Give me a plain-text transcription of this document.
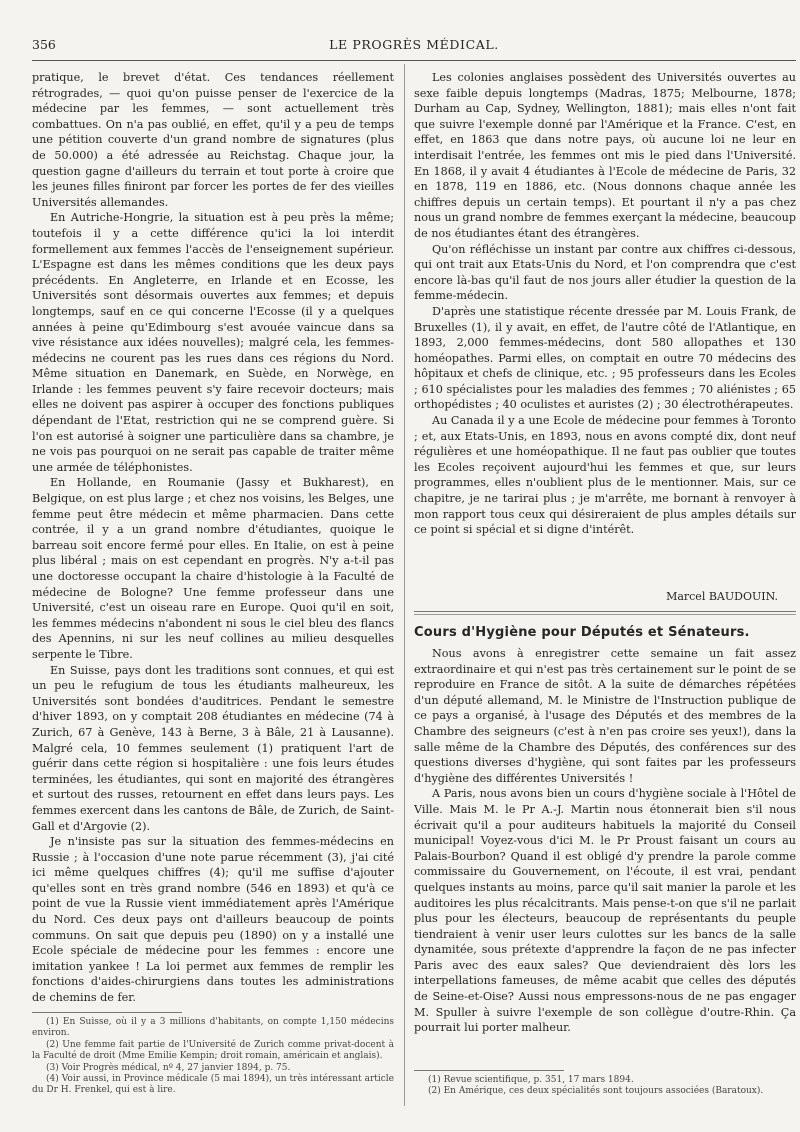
356	LE PROGRÈS MÉDICAL.

pratique, le brevet d'état. Ces tendances réellement rétrogrades, — quoi qu'on puisse penser de l'exercice de la médecine par les femmes, — sont actuellement très combattues. On n'a pas oublié, en effet, qu'il y a peu de temps une pétition couverte d'un grand nombre de signatures (plus de 50.000) a été adressée au Reichstag. Chaque jour, la question gagne d'ailleurs du terrain et tout porte à croire que les jeunes filles finiront par forcer les portes de fer des vieilles Universités allemandes.

En Autriche-Hongrie, la situation est à peu près la même; toutefois il y a cette différence qu'ici la loi interdit formellement aux femmes l'accès de l'enseignement supérieur. L'Espagne est dans les mêmes conditions que les deux pays précédents. En Angleterre, en Irlande et en Ecosse, les Universités sont désormais ouvertes aux femmes; et depuis longtemps, sauf en ce qui concerne l'Ecosse (il y a quelques années à peine qu'Edimbourg s'est avouée vaincue dans sa vive résistance aux idées nouvelles); malgré cela, les femmes-médecins ne courent pas les rues dans ces régions du Nord. Même situation en Danemark, en Suède, en Norwège, en Irlande : les femmes peuvent s'y faire recevoir docteurs; mais elles ne doivent pas aspirer à occuper des fonctions publiques dépendant de l'Etat, restriction qui ne se comprend guère. Si l'on est autorisé à soigner une particulière dans sa chambre, je ne vois pas pourquoi on ne serait pas capable de traiter même une armée de téléphonistes.

En Hollande, en Roumanie (Jassy et Bukharest), en Belgique, on est plus large ; et chez nos voisins, les Belges, une femme peut être médecin et même pharmacien. Dans cette contrée, il y a un grand nombre d'étudiantes, quoique le barreau soit encore fermé pour elles. En Italie, on est à peine plus libéral ; mais on est cependant en progrès. N'y a-t-il pas une doctoresse occupant la chaire d'histologie à la Faculté de médecine de Bologne? Une femme professeur dans une Université, c'est un oiseau rare en Europe. Quoi qu'il en soit, les femmes médecins n'abondent ni sous le ciel bleu des flancs des Apennins, ni sur les neuf collines au milieu desquelles serpente le Tibre.

En Suisse, pays dont les traditions sont connues, et qui est un peu le refugium de tous les étudiants malheureux, les Universités sont bondées d'auditrices. Pendant le semestre d'hiver 1893, on y comptait 208 étudiantes en médecine (74 à Zurich, 67 à Genève, 143 à Berne, 3 à Bâle, 21 à Lausanne). Malgré cela, 10 femmes seulement (1) pratiquent l'art de guérir dans cette région si hospitalière : une fois leurs études terminées, les étudiantes, qui sont en majorité des étrangères et surtout des russes, retournent en effet dans leurs pays. Les femmes exercent dans les cantons de Bâle, de Zurich, de Saint-Gall et d'Argovie (2).

Je n'insiste pas sur la situation des femmes-médecins en Russie ; à l'occasion d'une note parue récemment (3), j'ai cité ici même quelques chiffres (4); qu'il me suffise d'ajouter qu'elles sont en très grand nombre (546 en 1893) et qu'à ce point de vue la Russie vient immédiatement après l'Amérique du Nord. Ces deux pays ont d'ailleurs beaucoup de points communs. On sait que depuis peu (1890) on y a installé une Ecole spéciale de médecine pour les femmes : encore une imitation yankee ! La loi permet aux femmes de remplir les fonctions d'aides-chirurgiens dans toutes les administrations de chemins de fer.

(1) En Suisse, où il y a 3 millions d'habitants, on compte 1,150 médecins environ.

(2) Une femme fait partie de l'Université de Zurich comme privat-docent à la Faculté de droit (Mme Emilie Kempin; droit romain, américain et anglais).

(3) Voir Progrès médical, nº 4, 27 janvier 1894, p. 75.

(4) Voir aussi, in Province médicale (5 mai 1894), un très intéressant article du Dr H. Frenkel, qui est à lire.

Les colonies anglaises possèdent des Universités ouvertes au sexe faible depuis longtemps (Madras, 1875; Melbourne, 1878; Durham au Cap, Sydney, Wellington, 1881); mais elles n'ont fait que suivre l'exemple donné par l'Amérique et la France. C'est, en effet, en 1863 que dans notre pays, où aucune loi ne leur en interdisait l'entrée, les femmes ont mis le pied dans l'Université. En 1868, il y avait 4 étudiantes à l'Ecole de médecine de Paris, 32 en 1878, 119 en 1886, etc. (Nous donnons chaque année les chiffres depuis un certain temps). Et pourtant il n'y a pas chez nous un grand nombre de femmes exerçant la médecine, beaucoup de nos étudiantes étant des étrangères.

Qu'on réfléchisse un instant par contre aux chiffres ci-dessous, qui ont trait aux Etats-Unis du Nord, et l'on comprendra que c'est encore là-bas qu'il faut de nos jours aller étudier la question de la femme-médecin.

D'après une statistique récente dressée par M. Louis Frank, de Bruxelles (1), il y avait, en effet, de l'autre côté de l'Atlantique, en 1893, 2,000 femmes-médecins, dont 580 allopathes et 130 homéopathes. Parmi elles, on comptait en outre 70 médecins des hôpitaux et chefs de clinique, etc. ; 95 professeurs dans les Ecoles ; 610 spécialistes pour les maladies des femmes ; 70 aliénistes ; 65 orthopédistes ; 40 oculistes et auristes (2) ; 30 électrothérapeutes.

Au Canada il y a une Ecole de médecine pour femmes à Toronto ; et, aux Etats-Unis, en 1893, nous en avons compté dix, dont neuf régulières et une homéopathique. Il ne faut pas oublier que toutes les Ecoles reçoivent aujourd'hui les femmes et que, sur leurs programmes, elles n'oublient plus de le mentionner. Mais, sur ce chapitre, je ne tarirai plus ; je m'arrête, me bornant à renvoyer à mon rapport tous ceux qui désireraient de plus amples détails sur ce point si spécial et si digne d'intérêt.

Marcel BAUDOUIN.
Cours d'Hygiène pour Députés et Sénateurs.

Nous avons à enregistrer cette semaine un fait assez extraordinaire et qui n'est pas très certainement sur le point de se reproduire en France de sitôt. A la suite de démarches répétées d'un député allemand, M. le Ministre de l'Instruction publique de ce pays a organisé, à l'usage des Députés et des membres de la Chambre des seigneurs (c'est à n'en pas croire ses yeux!), dans la salle même de la Chambre des Députés, des conférences sur des questions diverses d'hygiène, qui sont faites par les professeurs d'hygiène des différentes Universités !

A Paris, nous avons bien un cours d'hygiène sociale à l'Hôtel de Ville. Mais M. le Pr A.-J. Martin nous étonnerait bien s'il nous écrivait qu'il a pour auditeurs habituels la majorité du Conseil municipal! Voyez-vous d'ici M. le Pr Proust faisant un cours au Palais-Bourbon? Quand il est obligé d'y prendre la parole comme commissaire du Gouvernement, on l'écoute, il est vrai, pendant quelques instants au moins, parce qu'il sait manier la parole et les auditoires les plus récalcitrants. Mais pense-t-on que s'il ne parlait plus pour les électeurs, beaucoup de représentants du peuple tiendraient à venir user leurs culottes sur les bancs de la salle dynamitée, sous prétexte d'apprendre la façon de ne pas infecter Paris avec des eaux sales? Que deviendraient dès lors les interpellations fameuses, de même acabit que celles des députés de Seine-et-Oise? Aussi nous empressons-nous de ne pas engager M. Spuller à suivre l'exemple de son collègue d'outre-Rhin. Ça pourrait lui porter malheur.

(1) Revue scientifique, p. 351, 17 mars 1894.

(2) En Amérique, ces deux spécialités sont toujours associées (Baratoux).
